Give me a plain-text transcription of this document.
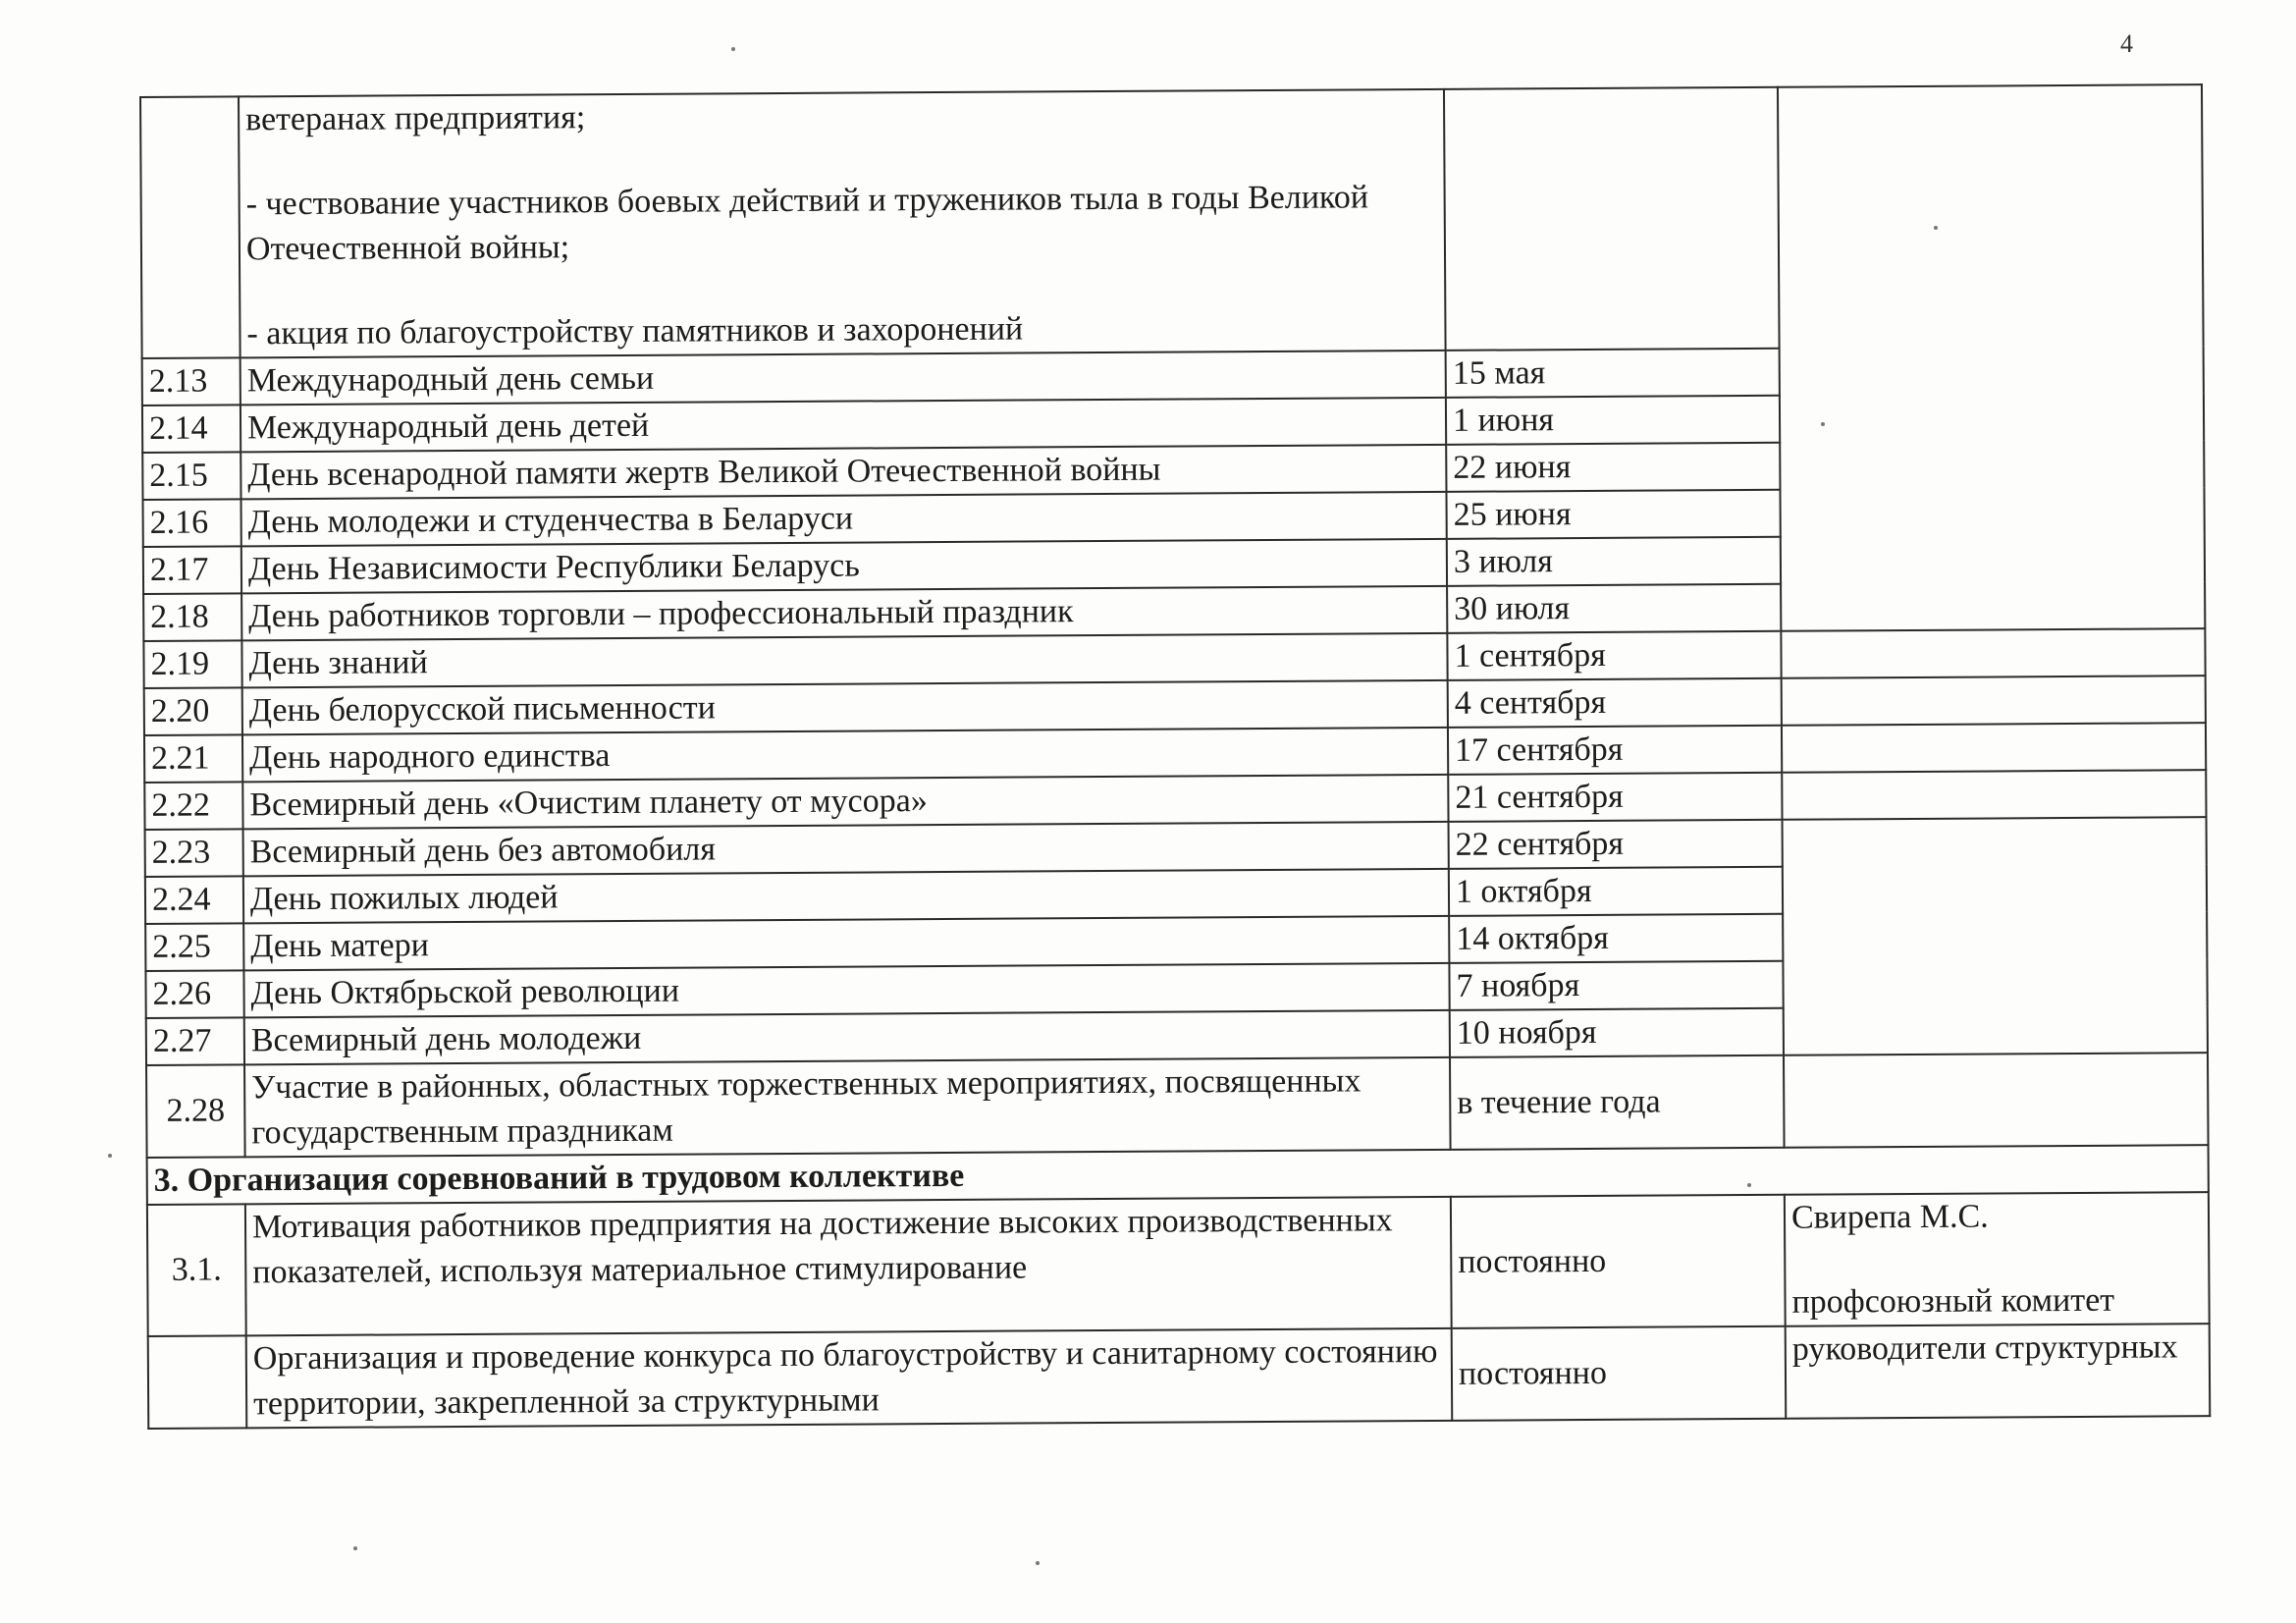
4

	ветеранах предприятия;
- чествование участников боевых действий и тружеников тыла в годы Великой Отечественной войны;
- акция по благоустройству памятников и захоронений		

2.13	Международный день семьи	15 мая	
2.14	Международный день детей	1 июня	
2.15	День всенародной памяти жертв Великой Отечественной войны	22 июня	
2.16	День молодежи и студенчества в Беларуси	25 июня	
2.17	День Независимости Республики Беларусь	3 июля	
2.18	День работников торговли – профессиональный праздник	30 июля	
2.19	День знаний	1 сентября	
2.20	День белорусской письменности	4 сентября	
2.21	День народного единства	17 сентября	
2.22	Всемирный день «Очистим планету от мусора»	21 сентября	
2.23	Всемирный день без автомобиля	22 сентября	
2.24	День пожилых людей	1 октября	
2.25	День матери	14 октября	
2.26	День Октябрьской революции	7 ноября	
2.27	Всемирный день молодежи	10 ноября	
2.28	Участие в районных, областных торжественных мероприятиях, посвященных государственным праздникам	в течение года	
3. Организация соревнований в трудовом коллективе			
3.1.	Мотивация работников предприятия на достижение высоких производственных показателей, используя материальное стимулирование	постоянно	Свирепа М.С.
профсоюзный комитет

	Организация и проведение конкурса по благоустройству и санитарному состоянию территории, закрепленной за структурными	постоянно	руководители структурных
